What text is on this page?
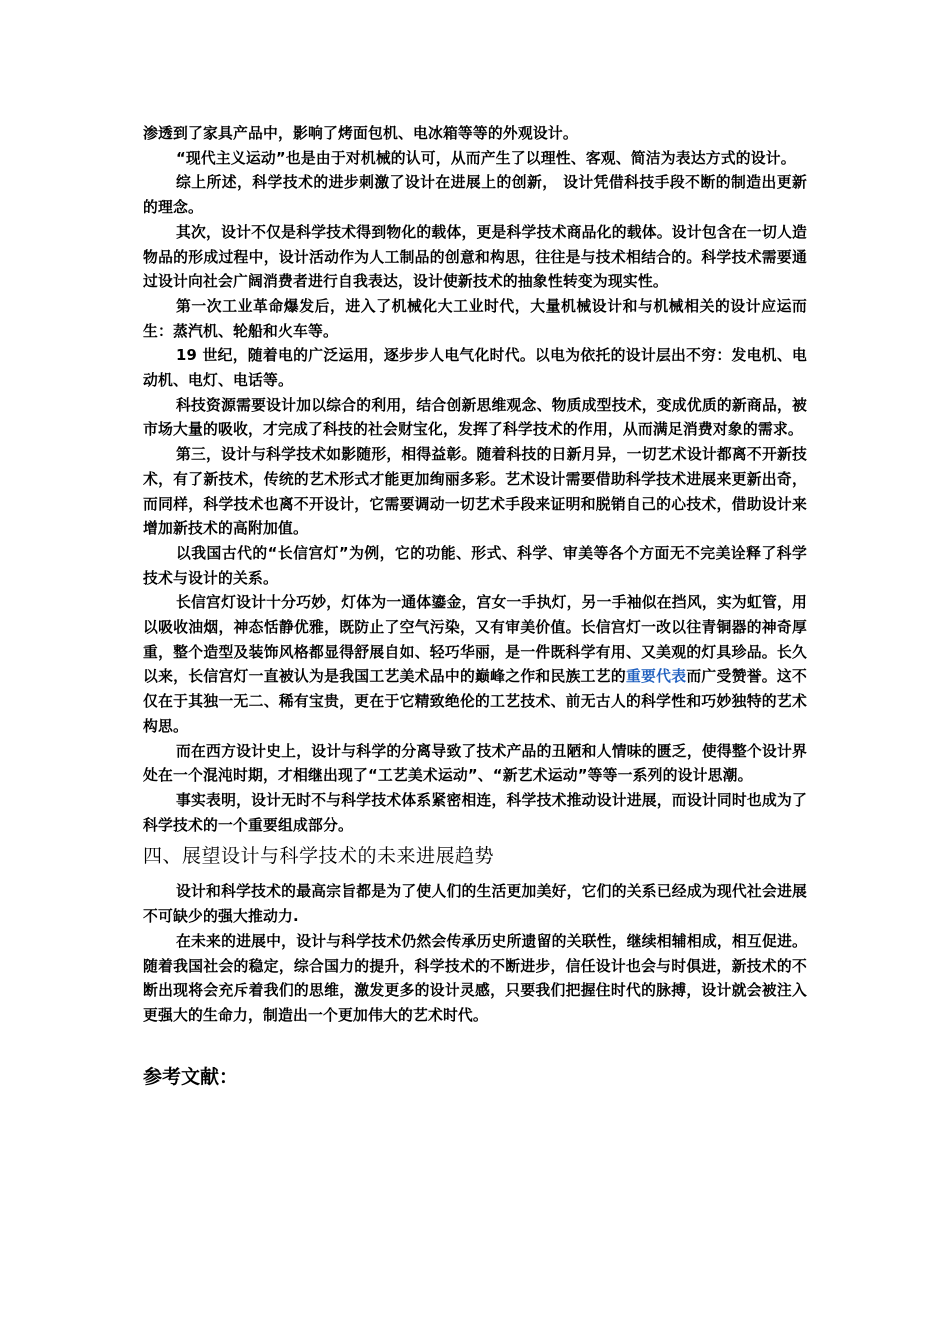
渗透到了家具产品中，影响了烤面包机、电冰箱等等的外观设计。

“现代主义运动”也是由于对机械的认可，从而产生了以理性、客观、简洁为表达方式的设计。

综上所述，科学技术的进步刺激了设计在进展上的创新， 设计凭借科技手段不断的制造出更新的理念。

其次，设计不仅是科学技术得到物化的载体，更是科学技术商品化的载体。设计包含在一切人造物品的形成过程中，设计活动作为人工制品的创意和构思，往往是与技术相结合的。科学技术需要通过设计向社会广阔消费者进行自我表达，设计使新技术的抽象性转变为现实性。

第一次工业革命爆发后，进入了机械化大工业时代，大量机械设计和与机械相关的设计应运而生：蒸汽机、轮船和火车等。

19 世纪，随着电的广泛运用，逐步步人电气化时代。以电为依托的设计层出不穷：发电机、电动机、电灯、电话等。

科技资源需要设计加以综合的利用，结合创新思维观念、物质成型技术，变成优质的新商品，被市场大量的吸收，才完成了科技的社会财宝化，发挥了科学技术的作用，从而满足消费对象的需求。

第三，设计与科学技术如影随形，相得益彰。随着科技的日新月异，一切艺术设计都离不开新技术，有了新技术，传统的艺术形式才能更加绚丽多彩。艺术设计需要借助科学技术进展来更新出奇，而同样，科学技术也离不开设计，它需要调动一切艺术手段来证明和脱销自己的心技术，借助设计来增加新技术的高附加值。

以我国古代的“长信宫灯”为例，它的功能、形式、科学、审美等各个方面无不完美诠释了科学技术与设计的关系。

长信宫灯设计十分巧妙，灯体为一通体鎏金，宫女一手执灯，另一手袖似在挡风，实为虹管，用以吸收油烟，神态恬静优雅，既防止了空气污染，又有审美价值。长信宫灯一改以往青铜器的神奇厚重，整个造型及装饰风格都显得舒展自如、轻巧华丽，是一件既科学有用、又美观的灯具珍品。长久以来，长信宫灯一直被认为是我国工艺美术品中的巅峰之作和民族工艺的重要代表而广受赞誉。这不仅在于其独一无二、稀有宝贵，更在于它精致绝伦的工艺技术、前无古人的科学性和巧妙独特的艺术构思。

而在西方设计史上，设计与科学的分离导致了技术产品的丑陋和人情味的匮乏，使得整个设计界处在一个混沌时期，才相继出现了“工艺美术运动”、“新艺术运动”等等一系列的设计思潮。

事实表明，设计无时不与科学技术体系紧密相连，科学技术推动设计进展，而设计同时也成为了科学技术的一个重要组成部分。

四、展望设计与科学技术的未来进展趋势

设计和科学技术的最高宗旨都是为了使人们的生活更加美好，它们的关系已经成为现代社会进展不可缺少的强大推动力.

在未来的进展中，设计与科学技术仍然会传承历史所遗留的关联性，继续相辅相成，相互促进。随着我国社会的稳定，综合国力的提升，科学技术的不断进步，信任设计也会与时俱进，新技术的不断出现将会充斥着我们的思维，激发更多的设计灵感，只要我们把握住时代的脉搏，设计就会被注入更强大的生命力，制造出一个更加伟大的艺术时代。

参考文献：
